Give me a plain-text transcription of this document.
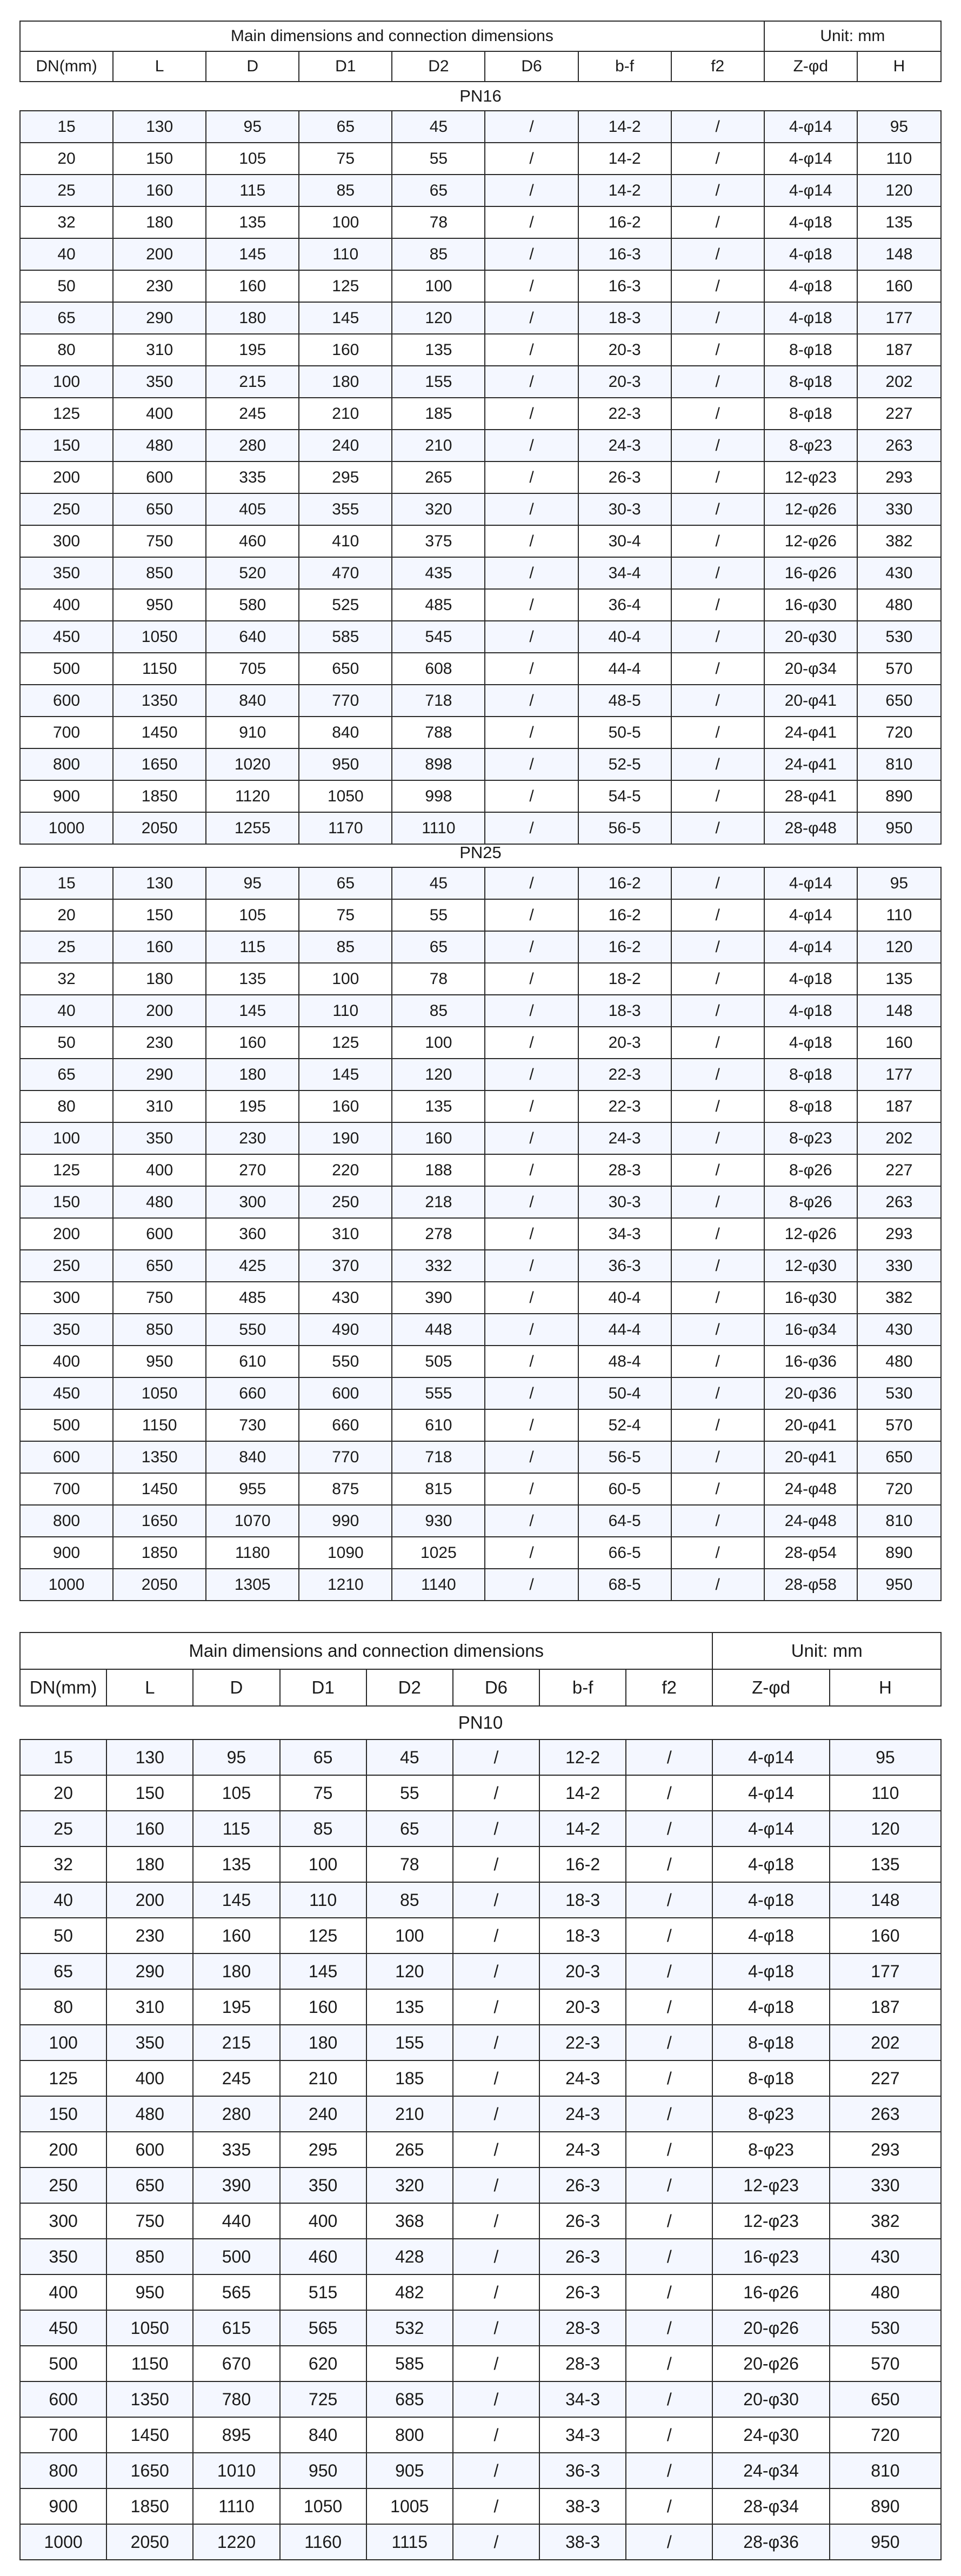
Main dimensions and connection dimensions								Unit: mm	
DN(mm)	L	D	D1	D2	D6	b-f	f2	Z-φd	H
PN16
15	130	95	65	45	/	14-2	/	4-φ14	95
20	150	105	75	55	/	14-2	/	4-φ14	110
25	160	115	85	65	/	14-2	/	4-φ14	120
32	180	135	100	78	/	16-2	/	4-φ18	135
40	200	145	110	85	/	16-3	/	4-φ18	148
50	230	160	125	100	/	16-3	/	4-φ18	160
65	290	180	145	120	/	18-3	/	4-φ18	177
80	310	195	160	135	/	20-3	/	8-φ18	187
100	350	215	180	155	/	20-3	/	8-φ18	202
125	400	245	210	185	/	22-3	/	8-φ18	227
150	480	280	240	210	/	24-3	/	8-φ23	263
200	600	335	295	265	/	26-3	/	12-φ23	293
250	650	405	355	320	/	30-3	/	12-φ26	330
300	750	460	410	375	/	30-4	/	12-φ26	382
350	850	520	470	435	/	34-4	/	16-φ26	430
400	950	580	525	485	/	36-4	/	16-φ30	480
450	1050	640	585	545	/	40-4	/	20-φ30	530
500	1150	705	650	608	/	44-4	/	20-φ34	570
600	1350	840	770	718	/	48-5	/	20-φ41	650
700	1450	910	840	788	/	50-5	/	24-φ41	720
800	1650	1020	950	898	/	52-5	/	24-φ41	810
900	1850	1120	1050	998	/	54-5	/	28-φ41	890
1000	2050	1255	1170	1110	/	56-5	/	28-φ48	950
PN25
15	130	95	65	45	/	16-2	/	4-φ14	95
20	150	105	75	55	/	16-2	/	4-φ14	110
25	160	115	85	65	/	16-2	/	4-φ14	120
32	180	135	100	78	/	18-2	/	4-φ18	135
40	200	145	110	85	/	18-3	/	4-φ18	148
50	230	160	125	100	/	20-3	/	4-φ18	160
65	290	180	145	120	/	22-3	/	8-φ18	177
80	310	195	160	135	/	22-3	/	8-φ18	187
100	350	230	190	160	/	24-3	/	8-φ23	202
125	400	270	220	188	/	28-3	/	8-φ26	227
150	480	300	250	218	/	30-3	/	8-φ26	263
200	600	360	310	278	/	34-3	/	12-φ26	293
250	650	425	370	332	/	36-3	/	12-φ30	330
300	750	485	430	390	/	40-4	/	16-φ30	382
350	850	550	490	448	/	44-4	/	16-φ34	430
400	950	610	550	505	/	48-4	/	16-φ36	480
450	1050	660	600	555	/	50-4	/	20-φ36	530
500	1150	730	660	610	/	52-4	/	20-φ41	570
600	1350	840	770	718	/	56-5	/	20-φ41	650
700	1450	955	875	815	/	60-5	/	24-φ48	720
800	1650	1070	990	930	/	64-5	/	24-φ48	810
900	1850	1180	1090	1025	/	66-5	/	28-φ54	890
1000	2050	1305	1210	1140	/	68-5	/	28-φ58	950
Main dimensions and connection dimensions								Unit: mm	
DN(mm)	L	D	D1	D2	D6	b-f	f2	Z-φd	H
PN10
15	130	95	65	45	/	12-2	/	4-φ14	95
20	150	105	75	55	/	14-2	/	4-φ14	110
25	160	115	85	65	/	14-2	/	4-φ14	120
32	180	135	100	78	/	16-2	/	4-φ18	135
40	200	145	110	85	/	18-3	/	4-φ18	148
50	230	160	125	100	/	18-3	/	4-φ18	160
65	290	180	145	120	/	20-3	/	4-φ18	177
80	310	195	160	135	/	20-3	/	4-φ18	187
100	350	215	180	155	/	22-3	/	8-φ18	202
125	400	245	210	185	/	24-3	/	8-φ18	227
150	480	280	240	210	/	24-3	/	8-φ23	263
200	600	335	295	265	/	24-3	/	8-φ23	293
250	650	390	350	320	/	26-3	/	12-φ23	330
300	750	440	400	368	/	26-3	/	12-φ23	382
350	850	500	460	428	/	26-3	/	16-φ23	430
400	950	565	515	482	/	26-3	/	16-φ26	480
450	1050	615	565	532	/	28-3	/	20-φ26	530
500	1150	670	620	585	/	28-3	/	20-φ26	570
600	1350	780	725	685	/	34-3	/	20-φ30	650
700	1450	895	840	800	/	34-3	/	24-φ30	720
800	1650	1010	950	905	/	36-3	/	24-φ34	810
900	1850	1110	1050	1005	/	38-3	/	28-φ34	890
1000	2050	1220	1160	1115	/	38-3	/	28-φ36	950
